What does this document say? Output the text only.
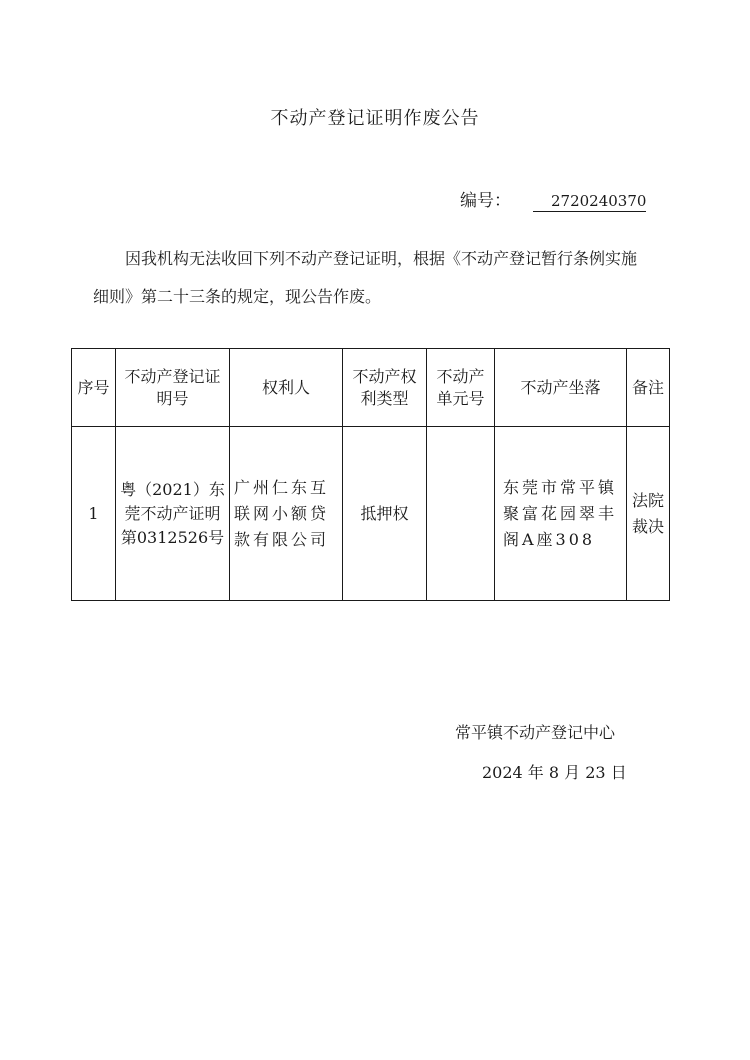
不动产登记证明作废公告
编号：	2720240370

因我机构无法收回下列不动产登记证明，根据《不动产登记暂行条例实施细则》第二十三条的规定，现公告作废。

序号	不动产登记证明号	权利人	不动产权利类型	不动产单元号	不动产坐落	备注
1	粤（2021）东莞不动产证明第0312526号	广州仁东互联网小额贷款有限公司	抵押权		东莞市常平镇聚富花园翠丰阁A座308	法院裁决
常平镇不动产登记中心
2024 年 8 月 23 日
